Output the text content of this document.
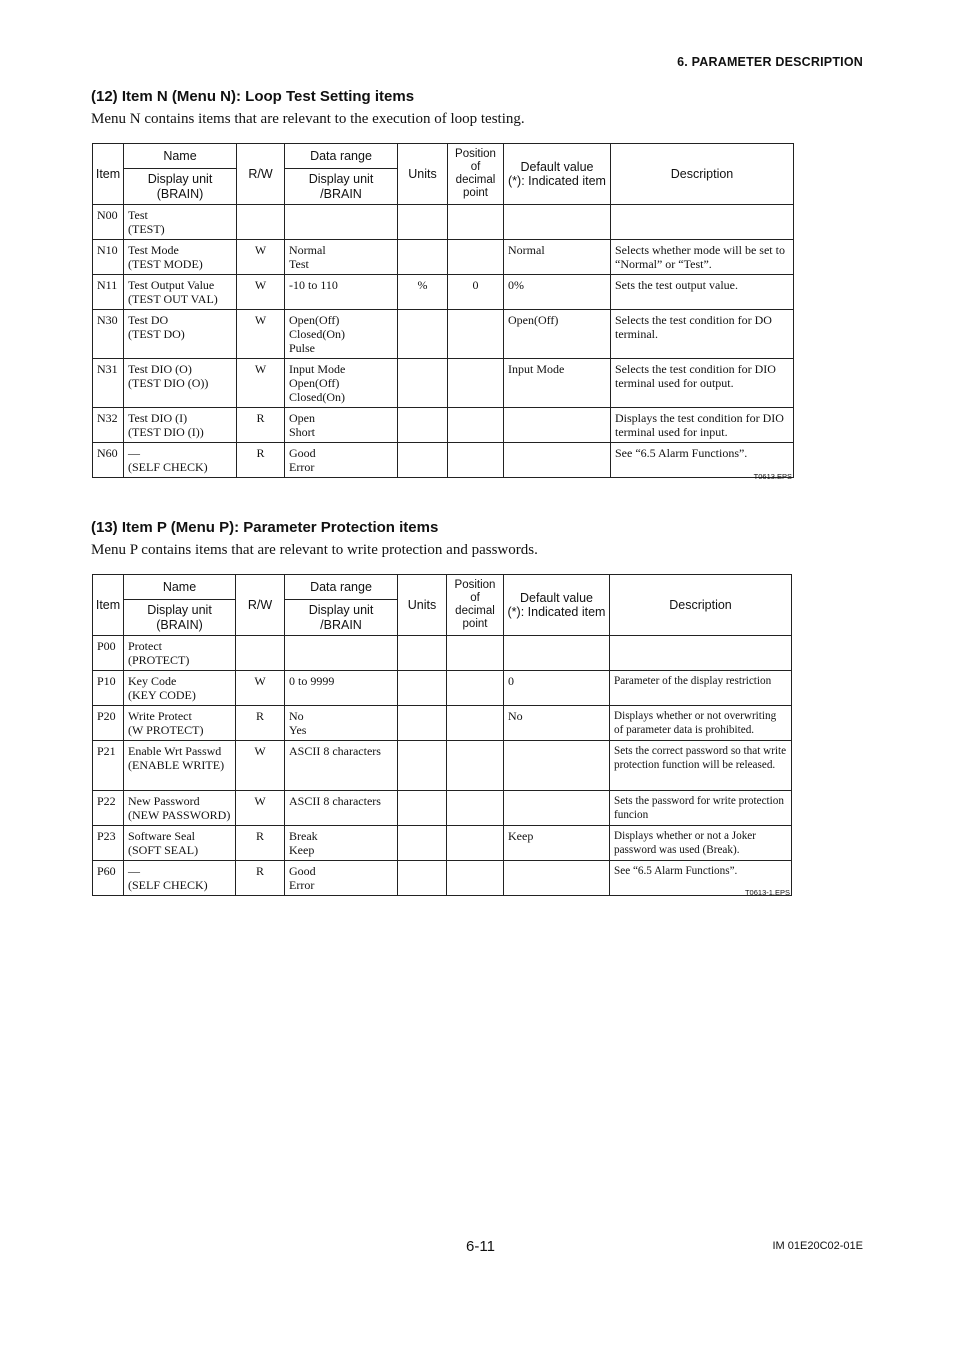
6. PARAMETER DESCRIPTION
(12) Item N (Menu N): Loop Test Setting items
Menu N contains items that are relevant to the execution of loop testing.
Item	Name	R/W	Data range	Units	Position
of decimal
point	Default value
(*): Indicated item	Description

	Display unit
(BRAIN)		Display unit
/BRAIN				

N00	Test
(TEST)						

N10	Test Mode
(TEST MODE)	W	Normal
Test			Normal	Selects whether mode will be set to “Normal” or “Test”.
N11	Test Output Value
(TEST OUT VAL)	W	-10 to 110	%	0	0%	Sets the test output value.
N30	Test DO
(TEST DO)	W	Open(Off)
Closed(On)
Pulse			Open(Off)	Selects the test condition for DO terminal.
N31	Test DIO (O)
(TEST DIO (O))	W	Input Mode
Open(Off)
Closed(On)			Input Mode	Selects the test condition for DIO terminal used for output.
N32	Test DIO (I)
(TEST DIO (I))	R	Open
Short				Displays the test condition for DIO terminal used for input.
N60	—
(SELF CHECK)	R	Good
Error				See “6.5 Alarm Functions”.
T0613.EPS
(13) Item P (Menu P): Parameter Protection items
Menu P contains items that are relevant to write protection and passwords.
Item	Name	R/W	Data range	Units	Position
of decimal
point	Default value
(*): Indicated item	Description

	Display unit
(BRAIN)		Display unit
/BRAIN				

P00	Protect
(PROTECT)						

P10	Key Code
(KEY CODE)	W	0 to 9999			0	Parameter of the display restriction
P20	Write Protect
(W PROTECT)	R	No
Yes			No	Displays whether or not overwriting of parameter data is prohibited.
P21	Enable Wrt Passwd
(ENABLE WRITE)	W	ASCII 8 characters				Sets the correct password so that write protection function will be released.
P22	New Password
(NEW PASSWORD)	W	ASCII 8 characters				Sets the password for write protection funcion
P23	Software Seal
(SOFT SEAL)	R	Break
Keep			Keep	Displays whether or not a Joker password was used (Break).
P60	—
(SELF CHECK)	R	Good
Error				See “6.5 Alarm Functions”.
T0613-1.EPS
6-11	IM 01E20C02-01E
